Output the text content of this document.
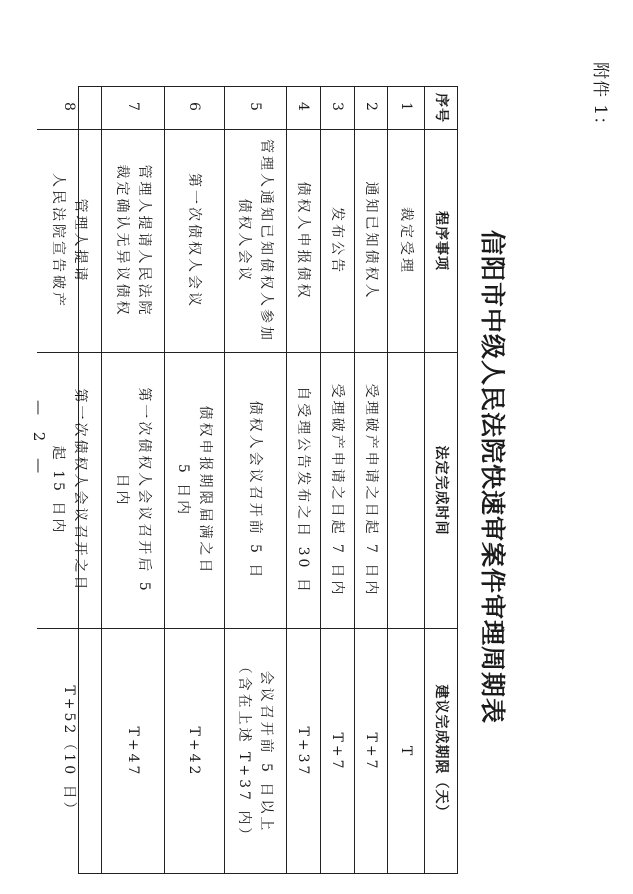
附件 1：
信阳市中级人民法院快速审案件审理周期表
序号
程序事项
法定完成时间
建议完成期限（天）
1
裁定受理
T
2
通知已知债权人
受理破产申请之日起 7 日内
T+7
3
发布公告
受理破产申请之日起 7 日内
T+7
4
债权人申报债权
自受理公告发布之日 30 日
T+37
5
管理人通知已知债权人参加
债权人会议
债权人会议召开前 5 日
会议召开前 5 日以上
（含在上述 T+37 内）
6
第一次债权人会议
债权申报期限届满之日
5 日内
T+42
7
管理人提请人民法院
裁定确认无异议债权
第一次债权人会议召开后 5
日内
T+47
8
管理人提请
人民法院宣告破产
第一次债权人会议召开之日
起 15 日内
T+52（10 日）
— 2 —
